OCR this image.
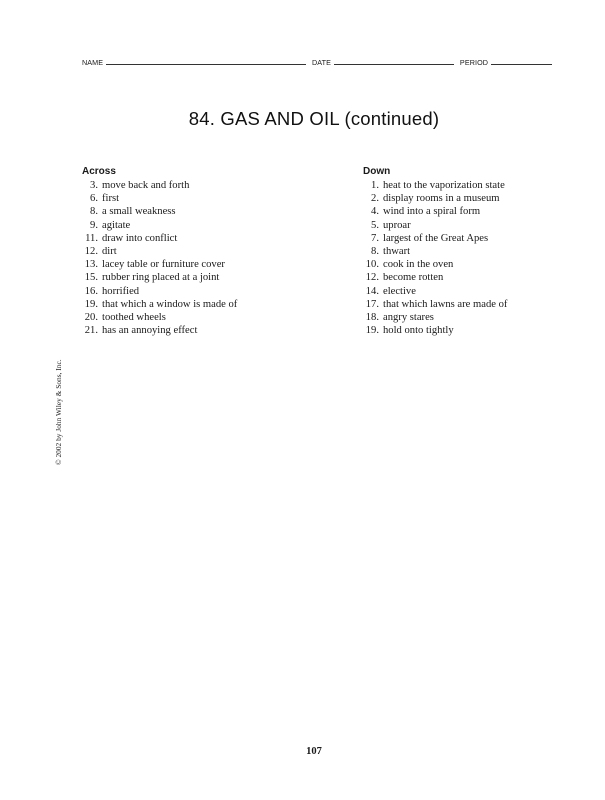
NAME	DATE	PERIOD
84. GAS AND OIL (continued)
Across
3. move back and forth
6. first
8. a small weakness
9. agitate
11. draw into conflict
12. dirt
13. lacey table or furniture cover
15. rubber ring placed at a joint
16. horrified
19. that which a window is made of
20. toothed wheels
21. has an annoying effect
Down
1. heat to the vaporization state
2. display rooms in a museum
4. wind into a spiral form
5. uproar
7. largest of the Great Apes
8. thwart
10. cook in the oven
12. become rotten
14. elective
17. that which lawns are made of
18. angry stares
19. hold onto tightly
© 2002 by John Wiley & Sons, Inc.
107
